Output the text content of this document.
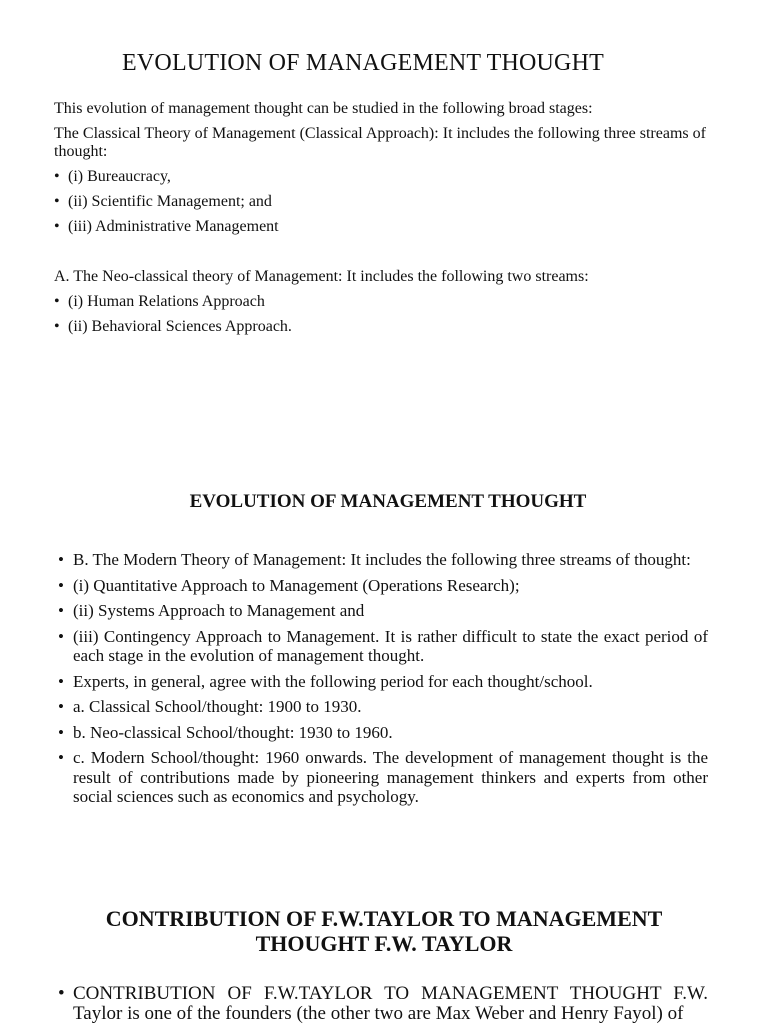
EVOLUTION OF MANAGEMENT THOUGHT

This evolution of management thought can be studied in the following broad stages:

The Classical Theory of Management (Classical Approach): It includes the following three streams of thought:

• (i) Bureaucracy,
• (ii) Scientific Management; and
• (iii) Administrative Management

A. The Neo-classical theory of Management: It includes the following two streams:

• (i) Human Relations Approach
• (ii) Behavioral Sciences Approach.
EVOLUTION OF MANAGEMENT THOUGHT
• B. The Modern Theory of Management: It includes the following three streams of thought:
• (i) Quantitative Approach to Management (Operations Research);
• (ii) Systems Approach to Management and
• (iii) Contingency Approach to Management. It is rather difficult to state the exact period of each stage in the evolution of management thought.
• Experts, in general, agree with the following period for each thought/school.
• a. Classical School/thought: 1900 to 1930.
• b. Neo-classical School/thought: 1930 to 1960.
• c. Modern School/thought: 1960 onwards. The development of management thought is the result of contributions made by pioneering management thinkers and experts from other social sciences such as economics and psychology.
CONTRIBUTION OF F.W.TAYLOR TO MANAGEMENT
THOUGHT F.W. TAYLOR
• CONTRIBUTION OF F.W.TAYLOR TO MANAGEMENT THOUGHT F.W. Taylor is one of the founders (the other two are Max Weber and Henry Fayol) of
